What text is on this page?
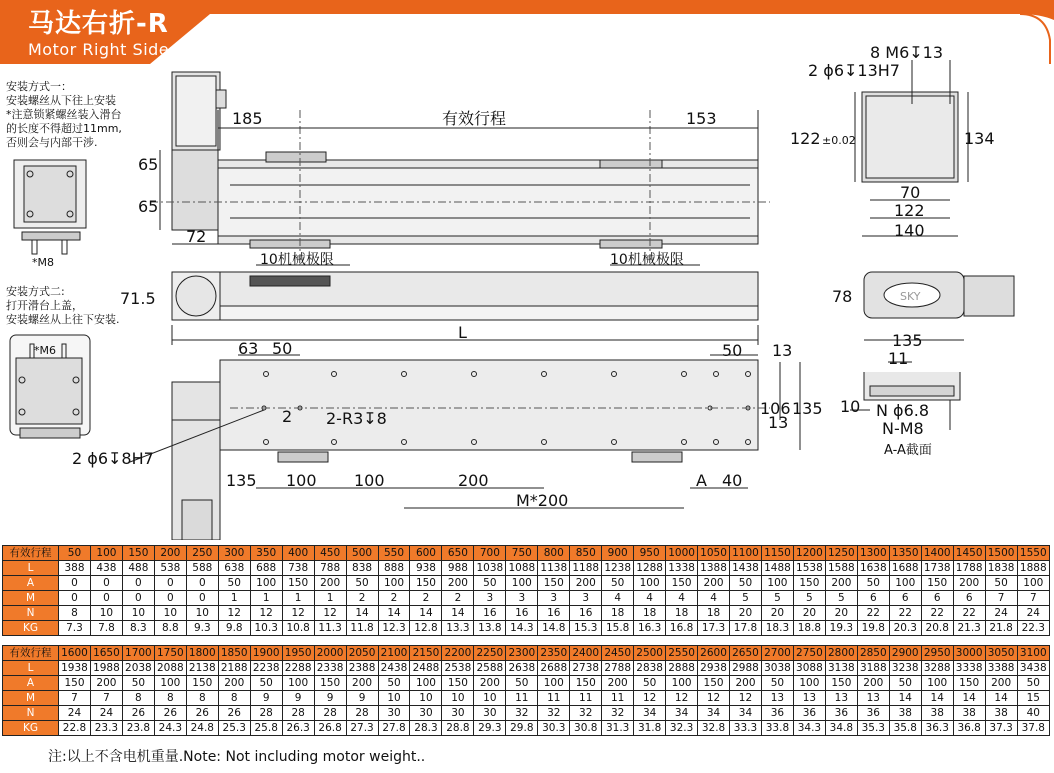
马达右折-R
Motor Right Side
安装方式一：
安装螺丝从下往上安装
*注意锁紧螺丝装入滑台
的长度不得超过11mm,
否则会与内部干涉.
安装方式二:
打开滑台上盖，
安装螺丝从上往下安装.
有效行程
185	153
65
65
72
10机械极限	10机械极限
71.5
L
63 50	50 13
106 135
13
2 2-R3↧8
2 ϕ6↧8H7
135 100 100	200	A 40
M*200
8 M6↧13
2 ϕ6↧13H7
122 ±0.02	134
70
122
140
78
135
11
10 N ϕ6.8
N-M8
A-A截面
SKY
*M8
*M6
有效行程	50	100	150	200	250	300	350	400	450	500	550	600	650	700	750	800	850	900	950	1000	1050	1100	1150	1200	1250	1300	1350	1400	1450	1500	1550
L	388	438	488	538	588	638	688	738	788	838	888	938	988	1038	1088	1138	1188	1238	1288	1338	1388	1438	1488	1538	1588	1638	1688	1738	1788	1838	1888
A	0	0	0	0	0	50	100	150	200	50	100	150	200	50	100	150	200	50	100	150	200	50	100	150	200	50	100	150	200	50	100
M	0	0	0	0	0	1	1	1	1	2	2	2	2	3	3	3	3	4	4	4	4	5	5	5	5	6	6	6	6	7	7
N	8	10	10	10	10	12	12	12	12	14	14	14	14	16	16	16	16	18	18	18	18	20	20	20	20	22	22	22	22	24	24
KG	7.3	7.8	8.3	8.8	9.3	9.8	10.3	10.8	11.3	11.8	12.3	12.8	13.3	13.8	14.3	14.8	15.3	15.8	16.3	16.8	17.3	17.8	18.3	18.8	19.3	19.8	20.3	20.8	21.3	21.8	22.3
有效行程	1600	1650	1700	1750	1800	1850	1900	1950	2000	2050	2100	2150	2200	2250	2300	2350	2400	2450	2500	2550	2600	2650	2700	2750	2800	2850	2900	2950	3000	3050	3100
L	1938	1988	2038	2088	2138	2188	2238	2288	2338	2388	2438	2488	2538	2588	2638	2688	2738	2788	2838	2888	2938	2988	3038	3088	3138	3188	3238	3288	3338	3388	3438
A	150	200	50	100	150	200	50	100	150	200	50	100	150	200	50	100	150	200	50	100	150	200	50	100	150	200	50	100	150	200	50
M	7	7	8	8	8	8	9	9	9	9	10	10	10	10	11	11	11	11	12	12	12	12	13	13	13	13	14	14	14	14	15
N	24	24	26	26	26	26	28	28	28	28	30	30	30	30	32	32	32	32	34	34	34	34	36	36	36	36	38	38	38	38	40
KG	22.8	23.3	23.8	24.3	24.8	25.3	25.8	26.3	26.8	27.3	27.8	28.3	28.8	29.3	29.8	30.3	30.8	31.3	31.8	32.3	32.8	33.3	33.8	34.3	34.8	35.3	35.8	36.3	36.8	37.3	37.8
注:以上不含电机重量.Note: Not including motor weight..
